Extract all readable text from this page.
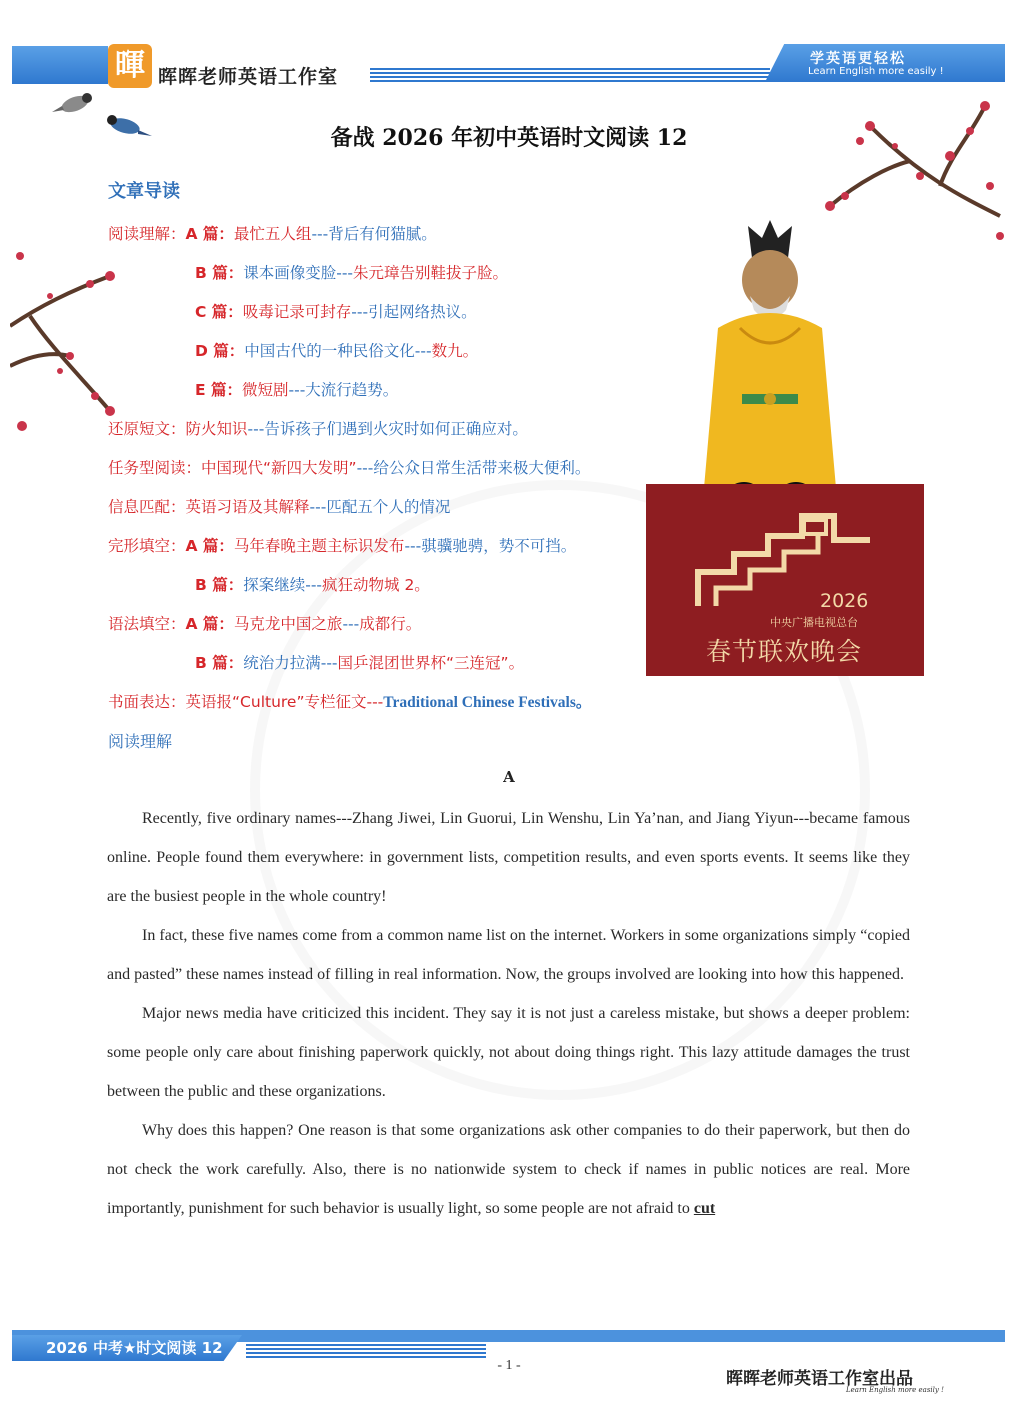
暉 晖晖老师英语工作室
学英语更轻松
Learn English more easily !
备战 2026 年初中英语时文阅读 12
文章导读
阅读理解：A 篇：最忙五人组---背后有何猫腻。
B 篇：课本画像变脸---朱元璋告别鞋拔子脸。
C 篇：吸毒记录可封存---引起网络热议。
D 篇：中国古代的一种民俗文化---数九。
E 篇：微短剧---大流行趋势。
还原短文：防火知识---告诉孩子们遇到火灾时如何正确应对。
任务型阅读：中国现代“新四大发明”---给公众日常生活带来极大便利。
信息匹配：英语习语及其解释---匹配五个人的情况
完形填空：A 篇：马年春晚主题主标识发布---骐骥驰骋，势不可挡。
B 篇：探案继续---疯狂动物城 2。
语法填空：A 篇：马克龙中国之旅---成都行。
B 篇：统治力拉满---国乒混团世界杯“三连冠”。
书面表达：英语报“Culture”专栏征文---Traditional Chinese Festivals。
阅读理解
2026
中央广播电视总台
春节联欢晚会
A

Recently, five ordinary names---Zhang Jiwei, Lin Guorui, Lin Wenshu, Lin Ya’nan, and Jiang Yiyun---became famous online. People found them everywhere: in government lists, competition results, and even sports events. It seems like they are the busiest people in the whole country!

In fact, these five names come from a common name list on the internet. Workers in some organizations simply “copied and pasted” these names instead of filling in real information. Now, the groups involved are looking into how this happened.

Major news media have criticized this incident. They say it is not just a careless mistake, but shows a deeper problem: some people only care about finishing paperwork quickly, not about doing things right. This lazy attitude damages the trust between the public and these organizations.

Why does this happen? One reason is that some organizations ask other companies to do their paperwork, but then do not check the work carefully. Also, there is no nationwide system to check if names in public notices are real. More importantly, punishment for such behavior is usually light, so some people are not afraid to cut

2026 中考★时文阅读 12
- 1 -
晖晖老师英语工作室出品
Learn English more easily !
